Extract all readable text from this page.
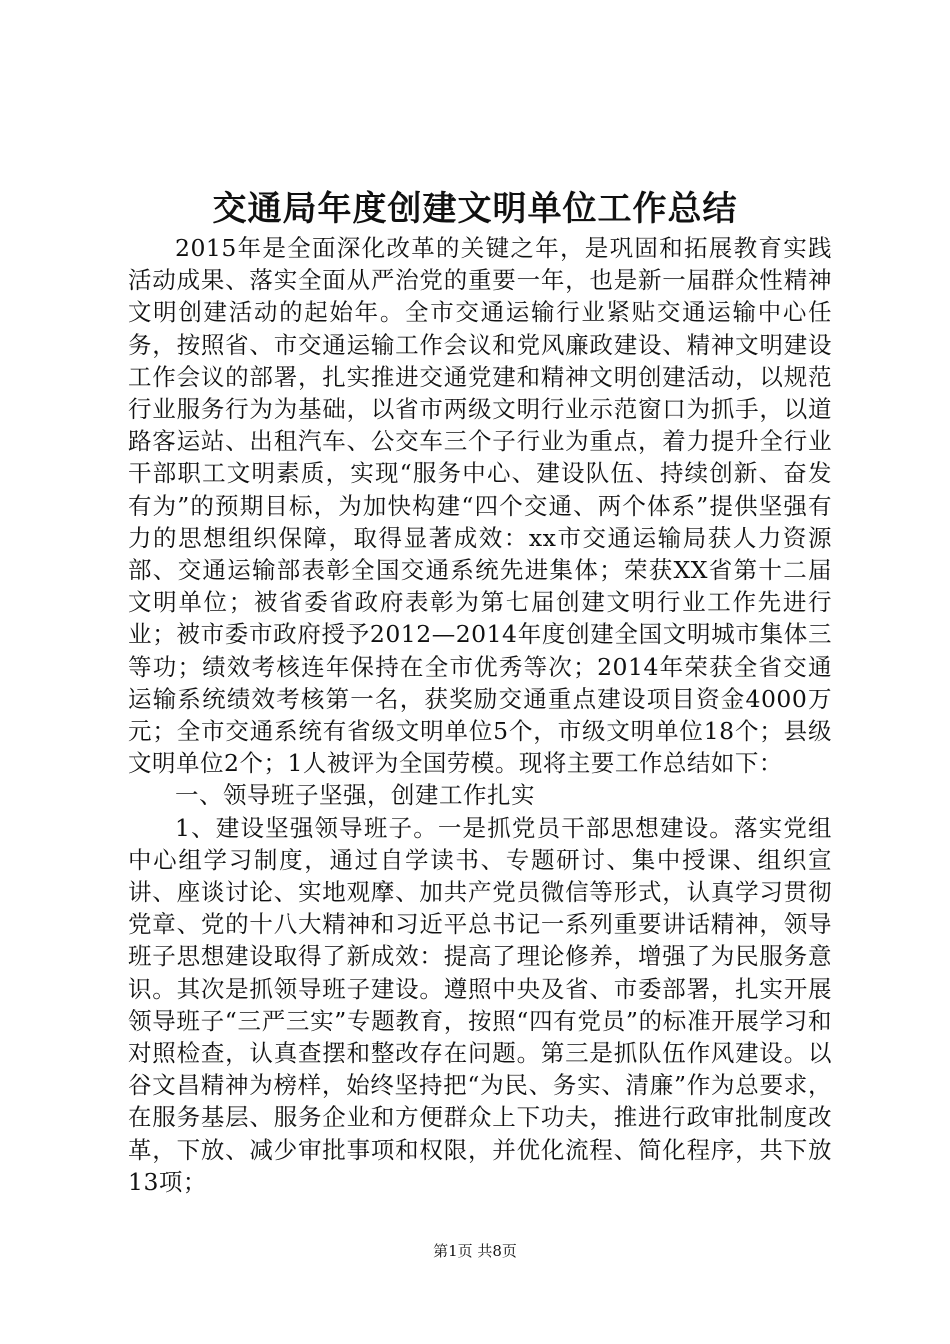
交通局年度创建文明单位工作总结

2015年是全面深化改革的关键之年，是巩固和拓展教育实践活动成果、落实全面从严治党的重要一年，也是新一届群众性精神文明创建活动的起始年。全市交通运输行业紧贴交通运输中心任务，按照省、市交通运输工作会议和党风廉政建设、精神文明建设工作会议的部署，扎实推进交通党建和精神文明创建活动，以规范行业服务行为为基础，以省市两级文明行业示范窗口为抓手，以道路客运站、出租汽车、公交车三个子行业为重点，着力提升全行业干部职工文明素质，实现“服务中心、建设队伍、持续创新、奋发有为”的预期目标，为加快构建“四个交通、两个体系”提供坚强有力的思想组织保障，取得显著成效：xx市交通运输局获人力资源部、交通运输部表彰全国交通系统先进集体；荣获XX省第十二届文明单位；被省委省政府表彰为第七届创建文明行业工作先进行业；被市委市政府授予2012—2014年度创建全国文明城市集体三等功；绩效考核连年保持在全市优秀等次；2014年荣获全省交通运输系统绩效考核第一名，获奖励交通重点建设项目资金4000万元；全市交通系统有省级文明单位5个，市级文明单位18个；县级文明单位2个；1人被评为全国劳模。现将主要工作总结如下：

一、领导班子坚强，创建工作扎实

1、建设坚强领导班子。一是抓党员干部思想建设。落实党组中心组学习制度，通过自学读书、专题研讨、集中授课、组织宣讲、座谈讨论、实地观摩、加共产党员微信等形式，认真学习贯彻党章、党的十八大精神和习近平总书记一系列重要讲话精神，领导班子思想建设取得了新成效：提高了理论修养，增强了为民服务意识。其次是抓领导班子建设。遵照中央及省、市委部署，扎实开展领导班子“三严三实”专题教育，按照“四有党员”的标准开展学习和对照检查，认真查摆和整改存在问题。第三是抓队伍作风建设。以谷文昌精神为榜样，始终坚持把“为民、务实、清廉”作为总要求，在服务基层、服务企业和方便群众上下功夫，推进行政审批制度改革，下放、减少审批事项和权限，并优化流程、简化程序，共下放13项；

第1页 共8页
